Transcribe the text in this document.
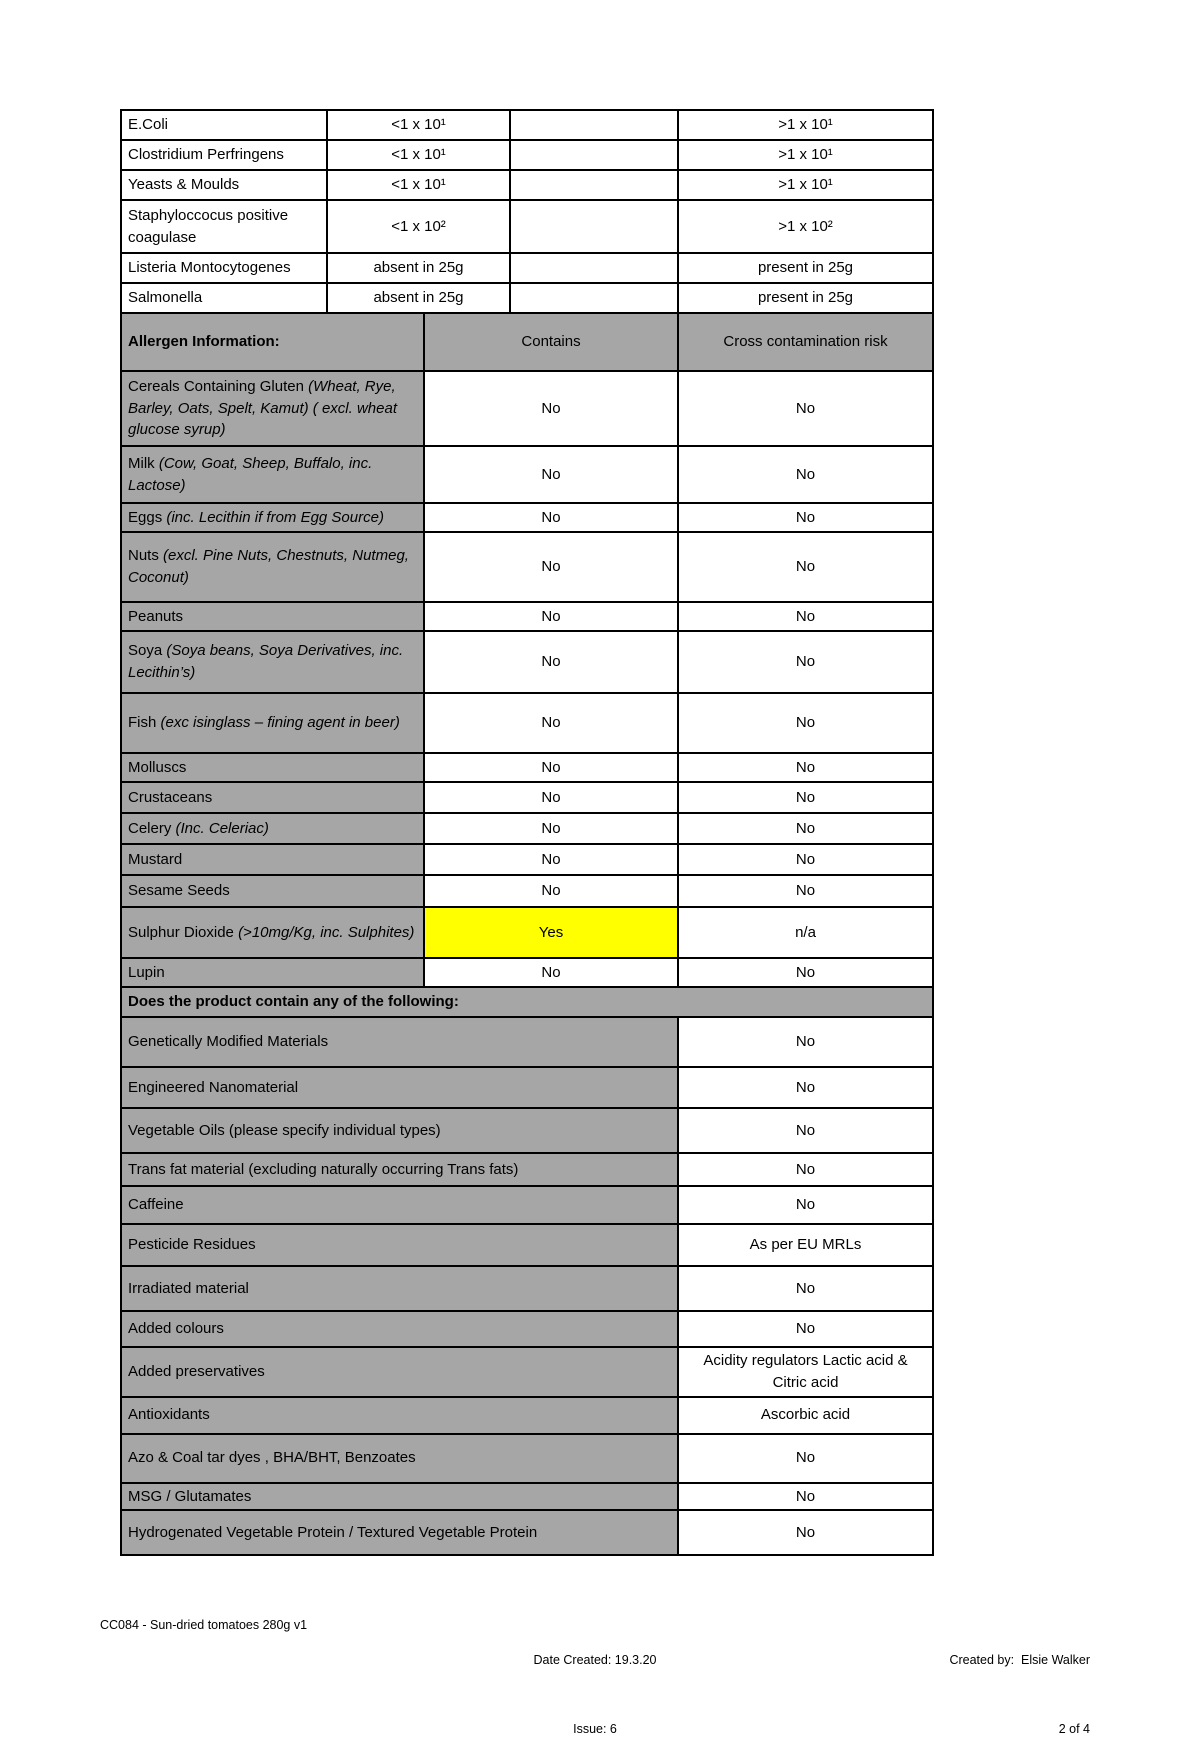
E.Coli	<1 x 10¹		>1 x 10¹
Clostridium Perfringens	<1 x 10¹		>1 x 10¹
Yeasts & Moulds	<1 x 10¹		>1 x 10¹
Staphyloccocus positive coagulase	<1 x 10²		>1 x 10²
Listeria Montocytogenes	absent in 25g		present in 25g
Salmonella	absent in 25g		present in 25g
Allergen Information:	Contains	Cross contamination risk
Cereals Containing Gluten (Wheat, Rye, Barley, Oats, Spelt, Kamut) ( excl. wheat glucose syrup)	No	No
Milk (Cow, Goat, Sheep, Buffalo, inc. Lactose)	No	No
Eggs (inc. Lecithin if from Egg Source)	No	No
Nuts (excl. Pine Nuts, Chestnuts, Nutmeg, Coconut)	No	No
Peanuts	No	No
Soya (Soya beans, Soya Derivatives, inc. Lecithin’s)	No	No
Fish (exc isinglass – fining agent in beer)	No	No
Molluscs	No	No
Crustaceans	No	No
Celery (Inc. Celeriac)	No	No
Mustard	No	No
Sesame Seeds	No	No
Sulphur Dioxide (>10mg/Kg, inc. Sulphites)	Yes	n/a
Lupin	No	No
Does the product contain any of the following:	
Genetically Modified Materials	No
Engineered Nanomaterial	No
Vegetable Oils (please specify individual types)	No
Trans fat material (excluding naturally occurring Trans fats)	No
Caffeine	No
Pesticide Residues	As per EU MRLs
Irradiated material	No
Added colours	No
Added preservatives	Acidity regulators Lactic acid & Citric acid
Antioxidants	Ascorbic acid
Azo & Coal tar dyes , BHA/BHT, Benzoates	No
MSG / Glutamates	No
Hydrogenated Vegetable Protein / Textured Vegetable Protein	No
CC084 - Sun-dried tomatoes 280g v1

Date Created: 19.3.20

Issue: 6

Created by:  Elsie Walker

2 of 4
